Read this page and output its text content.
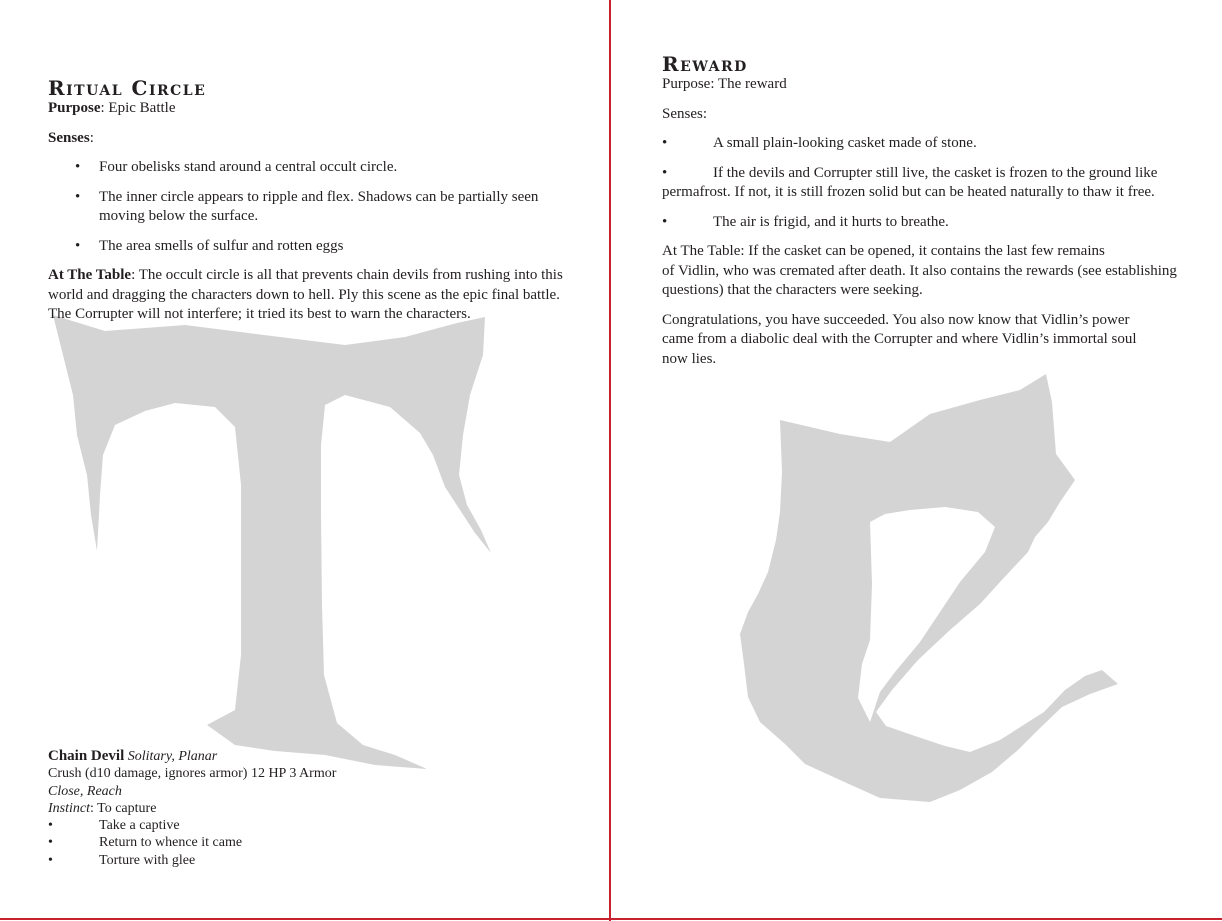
Ritual Circle

Purpose: Epic Battle

Senses:

• Four obelisks stand around a central occult circle.
• The inner circle appears to ripple and flex. Shadows can be partially seen moving below the surface.
• The area smells of sulfur and rotten eggs

At The Table: The occult circle is all that prevents chain devils from rushing into this world and dragging the characters down to hell. Ply this scene as the epic final battle. The Corrupter will not interfere; it tried its best to warn the characters.

Chain Devil Solitary, Planar
Crush (d10 damage, ignores armor) 12 HP 3 Armor
Close, Reach
Instinct: To capture
•	Take a captive
•	Return to whence it came
•	Torture with glee
Reward

Purpose: The reward

Senses:

•	A small plain-looking casket made of stone.
•	If the devils and Corrupter still live, the casket is frozen to the ground like permafrost. If not, it is still frozen solid but can be heated naturally to thaw it free.
•	The air is frigid, and it hurts to breathe.

At The Table: If the casket can be opened, it contains the last few remains
of Vidlin, who was cremated after death. It also contains the rewards (see establishing questions) that the characters were seeking.

Congratulations, you have succeeded. You also now know that Vidlin’s power came from a diabolic deal with the Corrupter and where Vidlin’s immortal soul now lies.
